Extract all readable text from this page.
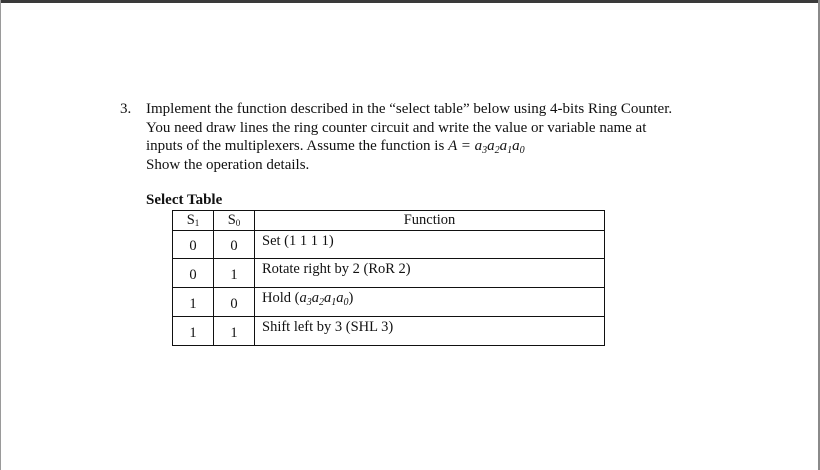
3. Implement the function described in the “select table” below using 4-bits Ring Counter.
You need draw lines the ring counter circuit and write the value or variable name at
inputs of the multiplexers. Assume the function is $A = a_3a_2a_1a_0$
Show the operation details.
Select Table
$S_1$	$S_0$	Function
0	0	Set (1 1 1 1)
0	1	Rotate right by 2 (RoR 2)
1	0	Hold $(a_3a_2a_1a_0)$
1	1	Shift left by 3 (SHL 3)
